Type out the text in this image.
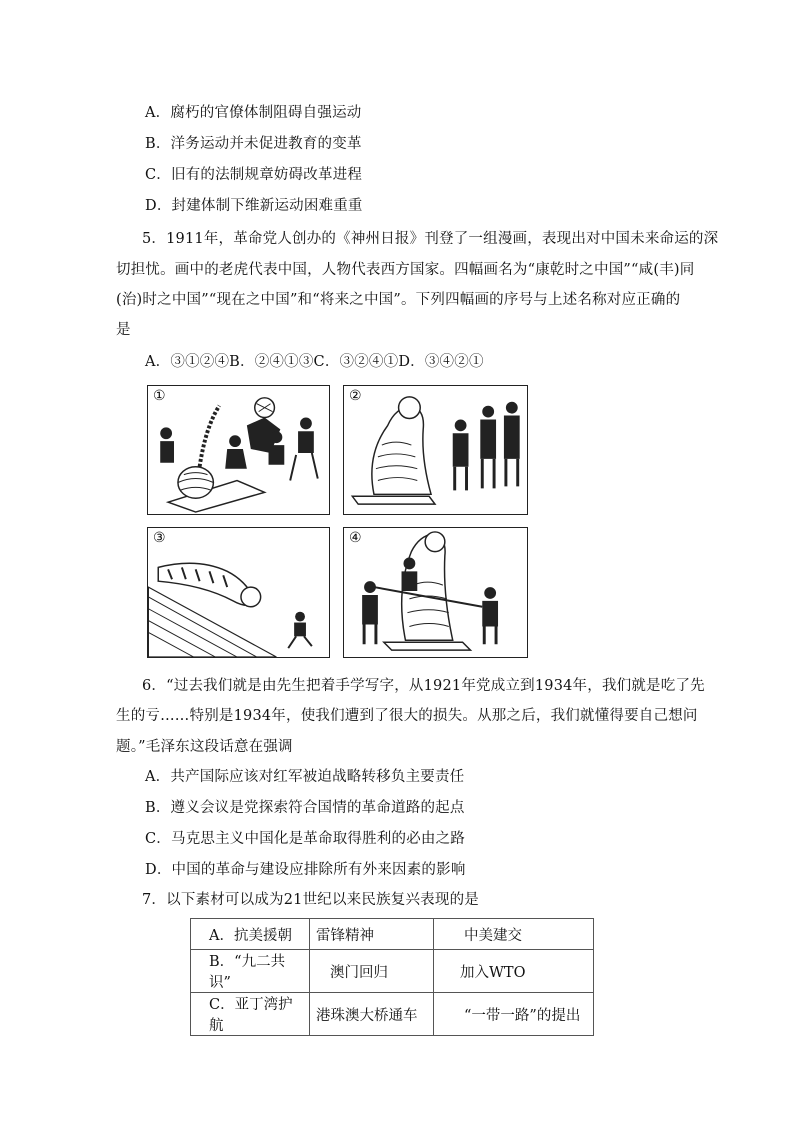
A．腐朽的官僚体制阻碍自强运动
B．洋务运动并未促进教育的变革
C．旧有的法制规章妨碍改革进程
D．封建体制下维新运动困难重重
5．1911年，革命党人创办的《神州日报》刊登了一组漫画，表现出对中国未来命运的深
切担忧。画中的老虎代表中国，人物代表西方国家。四幅画名为“康乾时之中国”“咸(丰)同
(治)时之中国”“现在之中国”和“将来之中国”。下列四幅画的序号与上述名称对应正确的
是
A．③①②④B．②④①③C．③②④①D．③④②①
①	②
③	④
6．“过去我们就是由先生把着手学写字，从1921年党成立到1934年，我们就是吃了先
生的亏……特别是1934年，使我们遭到了很大的损失。从那之后，我们就懂得要自己想问
题。”毛泽东这段话意在强调
A．共产国际应该对红军被迫战略转移负主要责任
B．遵义会议是党探索符合国情的革命道路的起点
C．马克思主义中国化是革命取得胜利的必由之路
D．中国的革命与建设应排除所有外来因素的影响
7．以下素材可以成为21世纪以来民族复兴表现的是
A．抗美援朝	雷锋精神	中美建交
B．“九二共识”	澳门回归	加入WTO
C．亚丁湾护航	港珠澳大桥通车	“一带一路”的提出
